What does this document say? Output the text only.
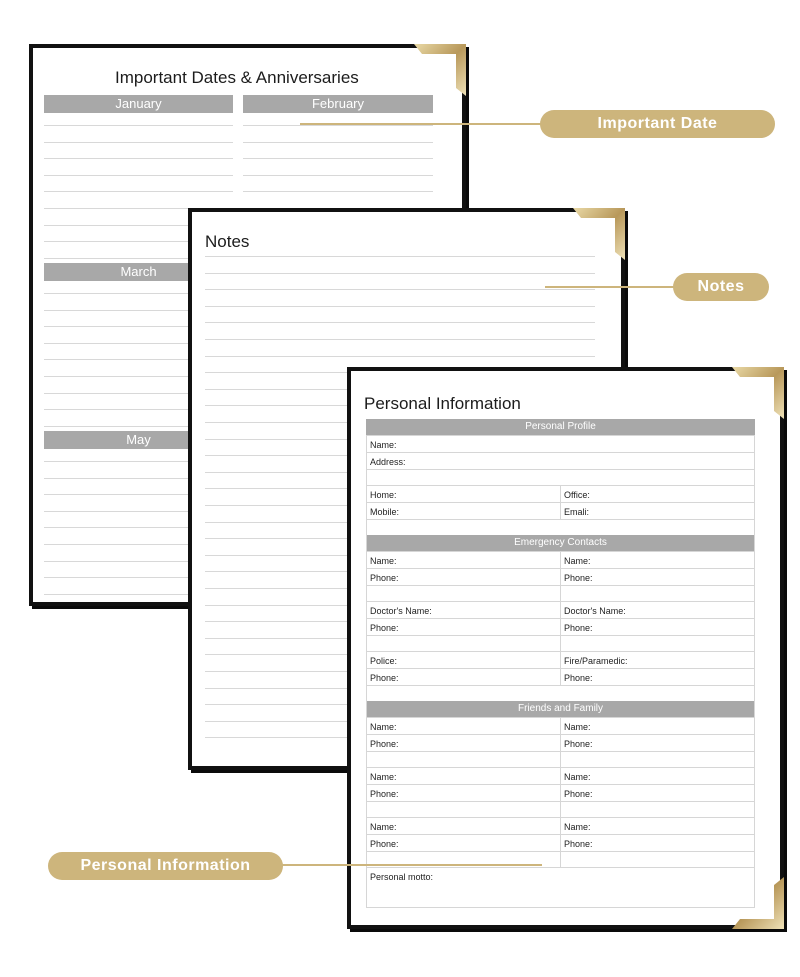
Important Dates & Anniversaries
January	February
March
May
Notes
Personal Information
Personal Profile
Name:
Address:
Home:	Office:
Mobile:	Emali:
Emergency Contacts
Name:	Name:
Phone:	Phone:
Doctor's Name:	Doctor's Name:
Phone:	Phone:
Police:	Fire/Paramedic:
Phone:	Phone:
Friends and Family
Name:	Name:
Phone:	Phone:
Name:	Name:
Phone:	Phone:
Name:	Name:
Phone:	Phone:
Personal motto:
Important Date
Notes
Personal Information
